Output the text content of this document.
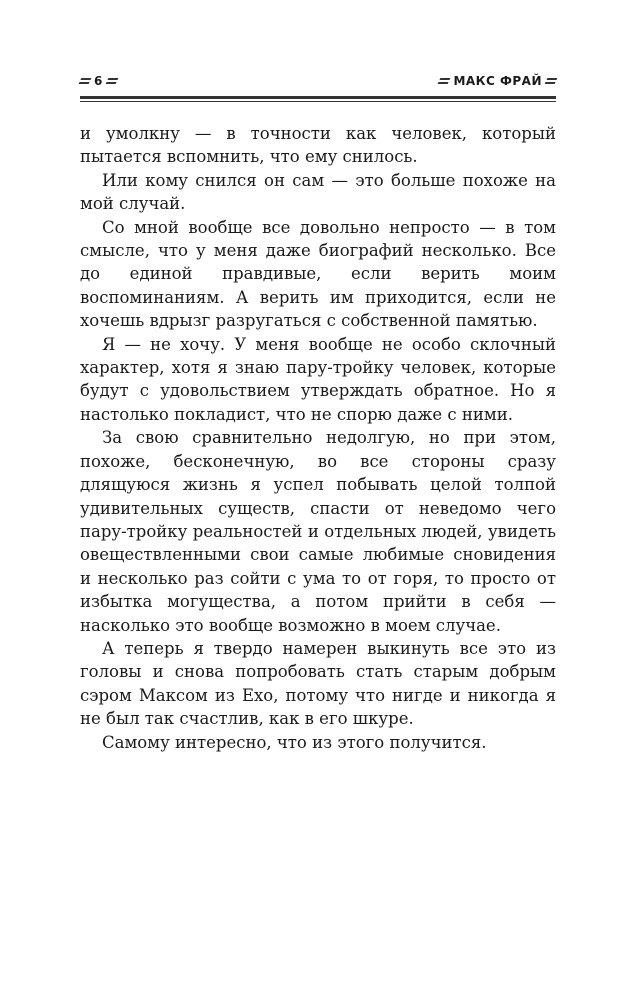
6	МАКС ФРАЙ

и умолкну — в точности как человек, который пытается вспомнить, что ему снилось.

Или кому снился он сам — это больше похоже на мой случай.

Со мной вообще все довольно непросто — в том смысле, что у меня даже биографий несколько. Все до единой правдивые, если верить моим воспоминаниям. А верить им приходится, если не хочешь вдрызг разругаться с собственной памятью.

Я — не хочу. У меня вообще не особо склочный характер, хотя я знаю пару-тройку человек, которые будут с удовольствием утверждать обратное. Но я настолько покладист, что не спорю даже с ними.

За свою сравнительно недолгую, но при этом, похоже, бесконечную, во все стороны сразу длящуюся жизнь я успел побывать целой толпой удивительных существ, спасти от неведомо чего пару-тройку реальностей и отдельных людей, увидеть овеществленными свои самые любимые сновидения и несколько раз сойти с ума то от горя, то просто от избытка могущества, а потом прийти в себя — насколько это вообще возможно в моем случае.

А теперь я твердо намерен выкинуть все это из головы и снова попробовать стать старым добрым сэром Максом из Ехо, потому что нигде и никогда я не был так счастлив, как в его шкуре.

Самому интересно, что из этого получится.
